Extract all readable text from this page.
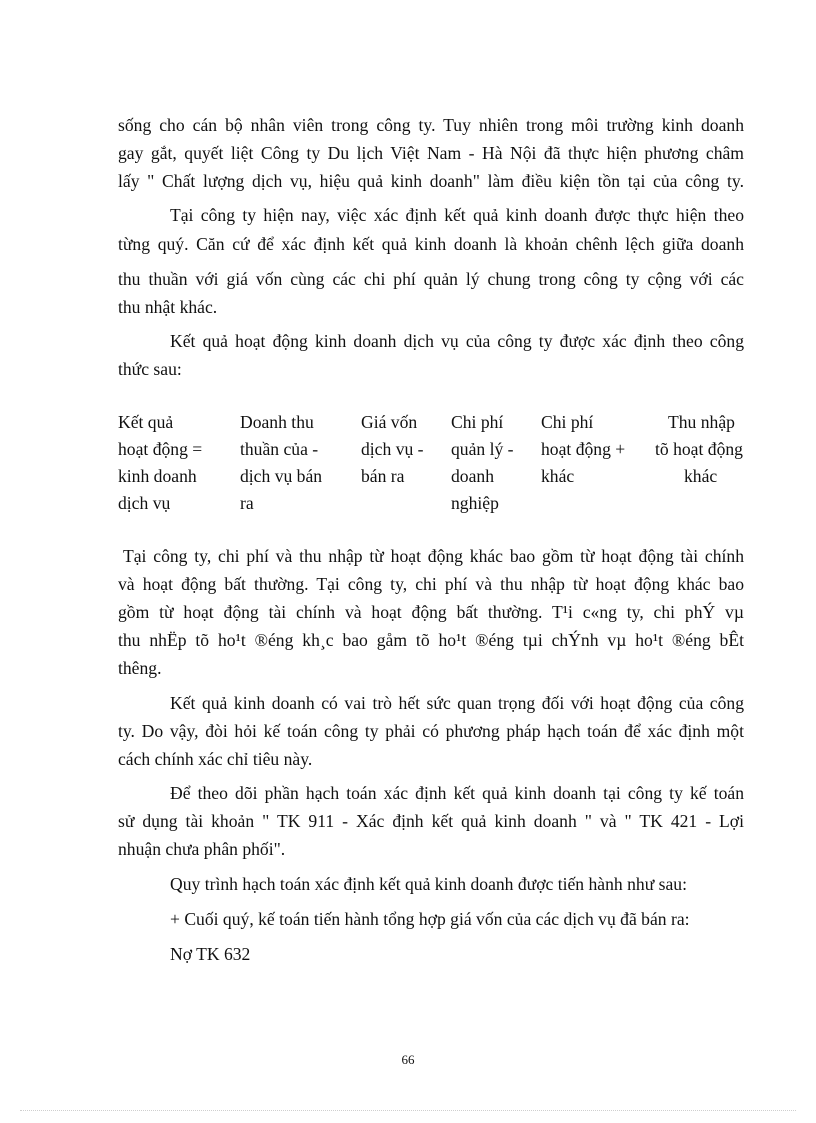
sống cho cán bộ nhân viên trong công ty. Tuy nhiên trong môi trường kinh doanh
gay gắt, quyết liệt Công ty Du lịch Việt Nam - Hà Nội đã thực hiện phương châm
lấy " Chất lượng dịch vụ, hiệu quả kinh doanh" làm điều kiện tồn tại của công ty.
Tại công ty hiện nay, việc xác định kết quả kinh doanh được thực hiện theo
từng quý. Căn cứ để xác định kết quả kinh doanh là khoản chênh lệch giữa doanh
thu thuần với giá vốn cùng các chi phí quản lý chung trong công ty cộng với các
thu nhật khác.
Kết quả hoạt động kinh doanh dịch vụ của công ty được xác định theo công
thức sau:
Kết quả
hoạt động =
kinh doanh
dịch vụ
Doanh thu
thuần của -
dịch vụ bán
ra
Giá vốn
dịch vụ -
bán ra
Chi phí
quản lý -
doanh
nghiệp
Chi phí
hoạt động +
khác
Thu nhập
tõ hoạt động
khác
Tại công ty, chi phí và thu nhập từ hoạt động khác bao gồm từ hoạt động tài chính
và hoạt động bất thường. Tại công ty, chi phí và thu nhập từ hoạt động khác bao
gồm từ hoạt động tài chính và hoạt động bất thường. T¹i c«ng ty, chi phÝ vµ
thu nhËp tõ ho¹t ®éng kh¸c bao gåm tõ ho¹t ®éng tµi chÝnh vµ ho¹t ®éng bÊt
thêng.
Kết quả kinh doanh có vai trò hết sức quan trọng đối với hoạt động của công
ty. Do vậy, đòi hỏi kế toán công ty phải có phương pháp hạch toán để xác định một
cách chính xác chỉ tiêu này.
Để theo dõi phần hạch toán xác định kết quả kinh doanh tại công ty kế toán
sử dụng tài khoản " TK 911 - Xác định kết quả kinh doanh " và " TK 421 - Lợi
nhuận chưa phân phối".
Quy trình hạch toán xác định kết quả kinh doanh được tiến hành như sau:
+ Cuối quý, kế toán tiến hành tổng hợp giá vốn của các dịch vụ đã bán ra:
Nợ TK 632
66
